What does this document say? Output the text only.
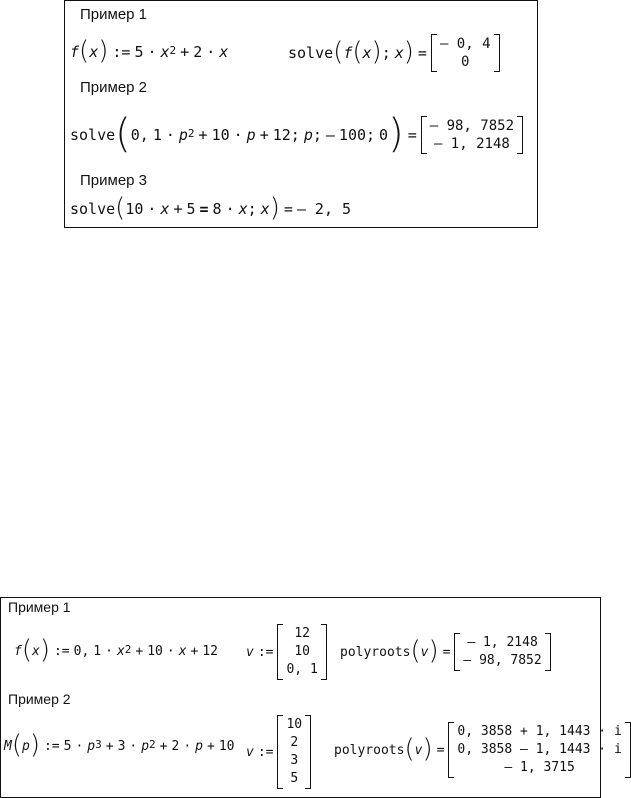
Пример 1
f ( x ) := $5 \cdot x^2 + 2 \cdot x$	solve ( f ( x ) ; x ) = – 0, 4
0
Пример 2
solve ( 0, $1 \cdot p^2 + 10 \cdot p + 12$; p ; – 100; 0 ) = – 98, 7852
– 1, 2148
Пример 3
solve ( 10 · x + 5 = 8 · x ; x ) = – 2, 5
Пример 1
f ( x ) := 0, $1 \cdot x^2 + 10 \cdot x + 12$ v :=
12
10
0, 1
polyroots ( v ) =
– 1, 2148
– 98, 7852
Пример 2
M ( p ) := $5 \cdot p^3 + 3 \cdot p^2 + 2 \cdot p + 10$ v :=
10
2
3
5
polyroots ( v ) =
0, 3858 + 1, 1443 · i
0, 3858 – 1, 1443 · i
– 1, 3715
